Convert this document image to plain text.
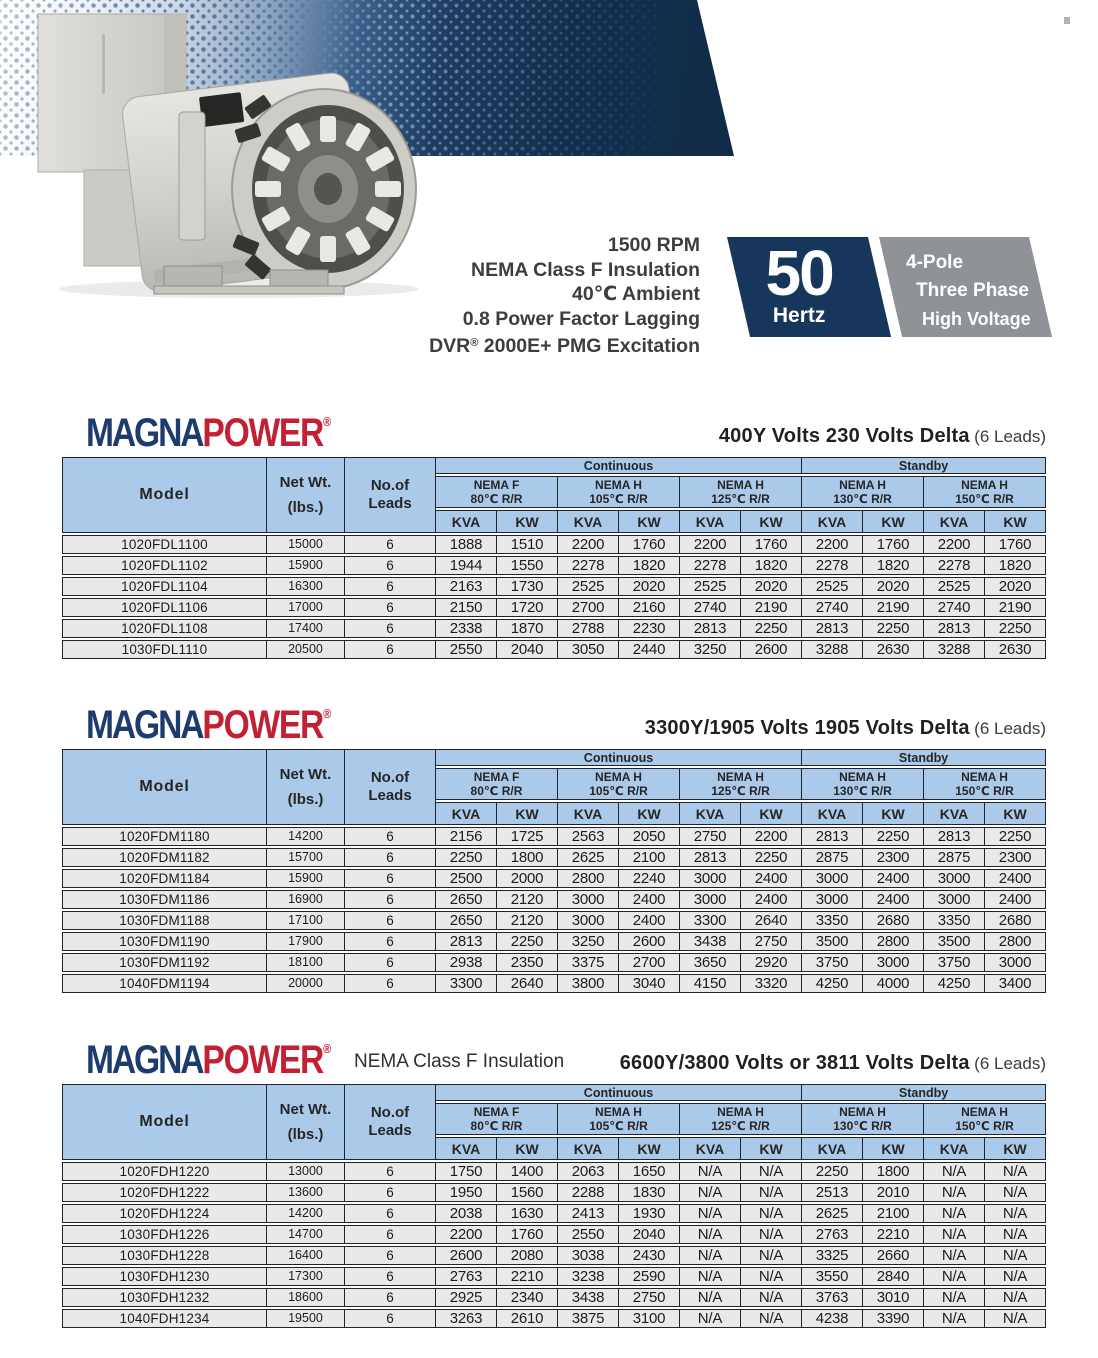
1500 RPM
NEMA Class F Insulation
40℃ Ambient
0.8 Power Factor Lagging
DVR® 2000E+ PMG Excitation
50
Hertz
4-Pole
Three Phase
High Voltage
MAGNAPOWER®
400Y Volts 230 Volts Delta (6 Leads)
Model	
Net Wt.
(lbs.)

No.of
Leads
	Continuous	Standby

NEMA F
80℃ R/R

NEMA H
105℃ R/R

NEMA H
125℃ R/R

NEMA H
130℃ R/R

NEMA H
150℃ R/R

			KVA	KW	KVA	KW	KVA	KW	KVA	KW	KVA	KW
1020FDL1100	15000	6	1888	1510	2200	1760	2200	1760	2200	1760	2200	1760
1020FDL1102	15900	6	1944	1550	2278	1820	2278	1820	2278	1820	2278	1820
1020FDL1104	16300	6	2163	1730	2525	2020	2525	2020	2525	2020	2525	2020
1020FDL1106	17000	6	2150	1720	2700	2160	2740	2190	2740	2190	2740	2190
1020FDL1108	17400	6	2338	1870	2788	2230	2813	2250	2813	2250	2813	2250
1030FDL1110	20500	6	2550	2040	3050	2440	3250	2600	3288	2630	3288	2630
MAGNAPOWER®
3300Y/1905 Volts 1905 Volts Delta (6 Leads)
Model	
Net Wt.
(lbs.)

No.of
Leads
	Continuous	Standby

NEMA F
80℃ R/R

NEMA H
105℃ R/R

NEMA H
125℃ R/R

NEMA H
130℃ R/R

NEMA H
150℃ R/R

			KVA	KW	KVA	KW	KVA	KW	KVA	KW	KVA	KW
1020FDM1180	14200	6	2156	1725	2563	2050	2750	2200	2813	2250	2813	2250
1020FDM1182	15700	6	2250	1800	2625	2100	2813	2250	2875	2300	2875	2300
1020FDM1184	15900	6	2500	2000	2800	2240	3000	2400	3000	2400	3000	2400
1030FDM1186	16900	6	2650	2120	3000	2400	3000	2400	3000	2400	3000	2400
1030FDM1188	17100	6	2650	2120	3000	2400	3300	2640	3350	2680	3350	2680
1030FDM1190	17900	6	2813	2250	3250	2600	3438	2750	3500	2800	3500	2800
1030FDM1192	18100	6	2938	2350	3375	2700	3650	2920	3750	3000	3750	3000
1040FDM1194	20000	6	3300	2640	3800	3040	4150	3320	4250	4000	4250	3400
MAGNAPOWER®
NEMA Class F Insulation	6600Y/3800 Volts or 3811 Volts Delta (6 Leads)
Model	
Net Wt.
(lbs.)

No.of
Leads
	Continuous	Standby

NEMA F
80℃ R/R

NEMA H
105℃ R/R

NEMA H
125℃ R/R

NEMA H
130℃ R/R

NEMA H
150℃ R/R

			KVA	KW	KVA	KW	KVA	KW	KVA	KW	KVA	KW
1020FDH1220	13000	6	1750	1400	2063	1650	N/A	N/A	2250	1800	N/A	N/A
1020FDH1222	13600	6	1950	1560	2288	1830	N/A	N/A	2513	2010	N/A	N/A
1020FDH1224	14200	6	2038	1630	2413	1930	N/A	N/A	2625	2100	N/A	N/A
1030FDH1226	14700	6	2200	1760	2550	2040	N/A	N/A	2763	2210	N/A	N/A
1030FDH1228	16400	6	2600	2080	3038	2430	N/A	N/A	3325	2660	N/A	N/A
1030FDH1230	17300	6	2763	2210	3238	2590	N/A	N/A	3550	2840	N/A	N/A
1030FDH1232	18600	6	2925	2340	3438	2750	N/A	N/A	3763	3010	N/A	N/A
1040FDH1234	19500	6	3263	2610	3875	3100	N/A	N/A	4238	3390	N/A	N/A
